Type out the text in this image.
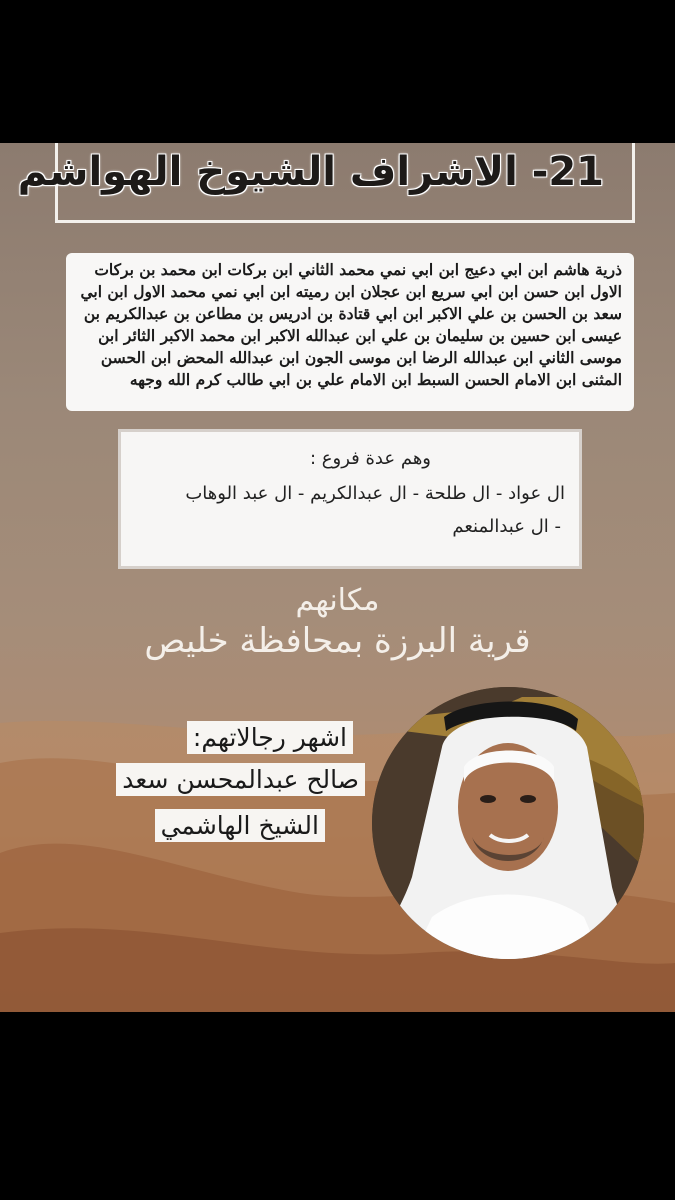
21- الاشراف الشيوخ الهواشم
ذرية هاشم ابن ابي دعيج ابن ابي نمي محمد الثاني ابن بركات ابن محمد بن بركات الاول ابن حسن ابن ابي سريع ابن عجلان ابن رميته ابن ابي نمي محمد الاول ابن ابي سعد بن الحسن بن علي الاكبر ابن ابي قتادة بن ادريس بن مطاعن بن عبدالكريم بن عيسى ابن حسين بن سليمان بن علي ابن عبدالله الاكبر ابن محمد الاكبر الثائر ابن موسى الثاني ابن عبدالله الرضا ابن موسى الجون ابن عبدالله المحض ابن الحسن المثنى ابن الامام الحسن السبط ابن الامام علي بن ابي طالب كرم الله وجهه
وهم عدة فروع :
ال عواد - ال طلحة - ال عبدالكريم - ال عبد الوهاب
- ال عبدالمنعم
مكانهم
قرية البرزة بمحافظة خليص
اشهر رجالاتهم:
صالح عبدالمحسن سعد
الشيخ الهاشمي
